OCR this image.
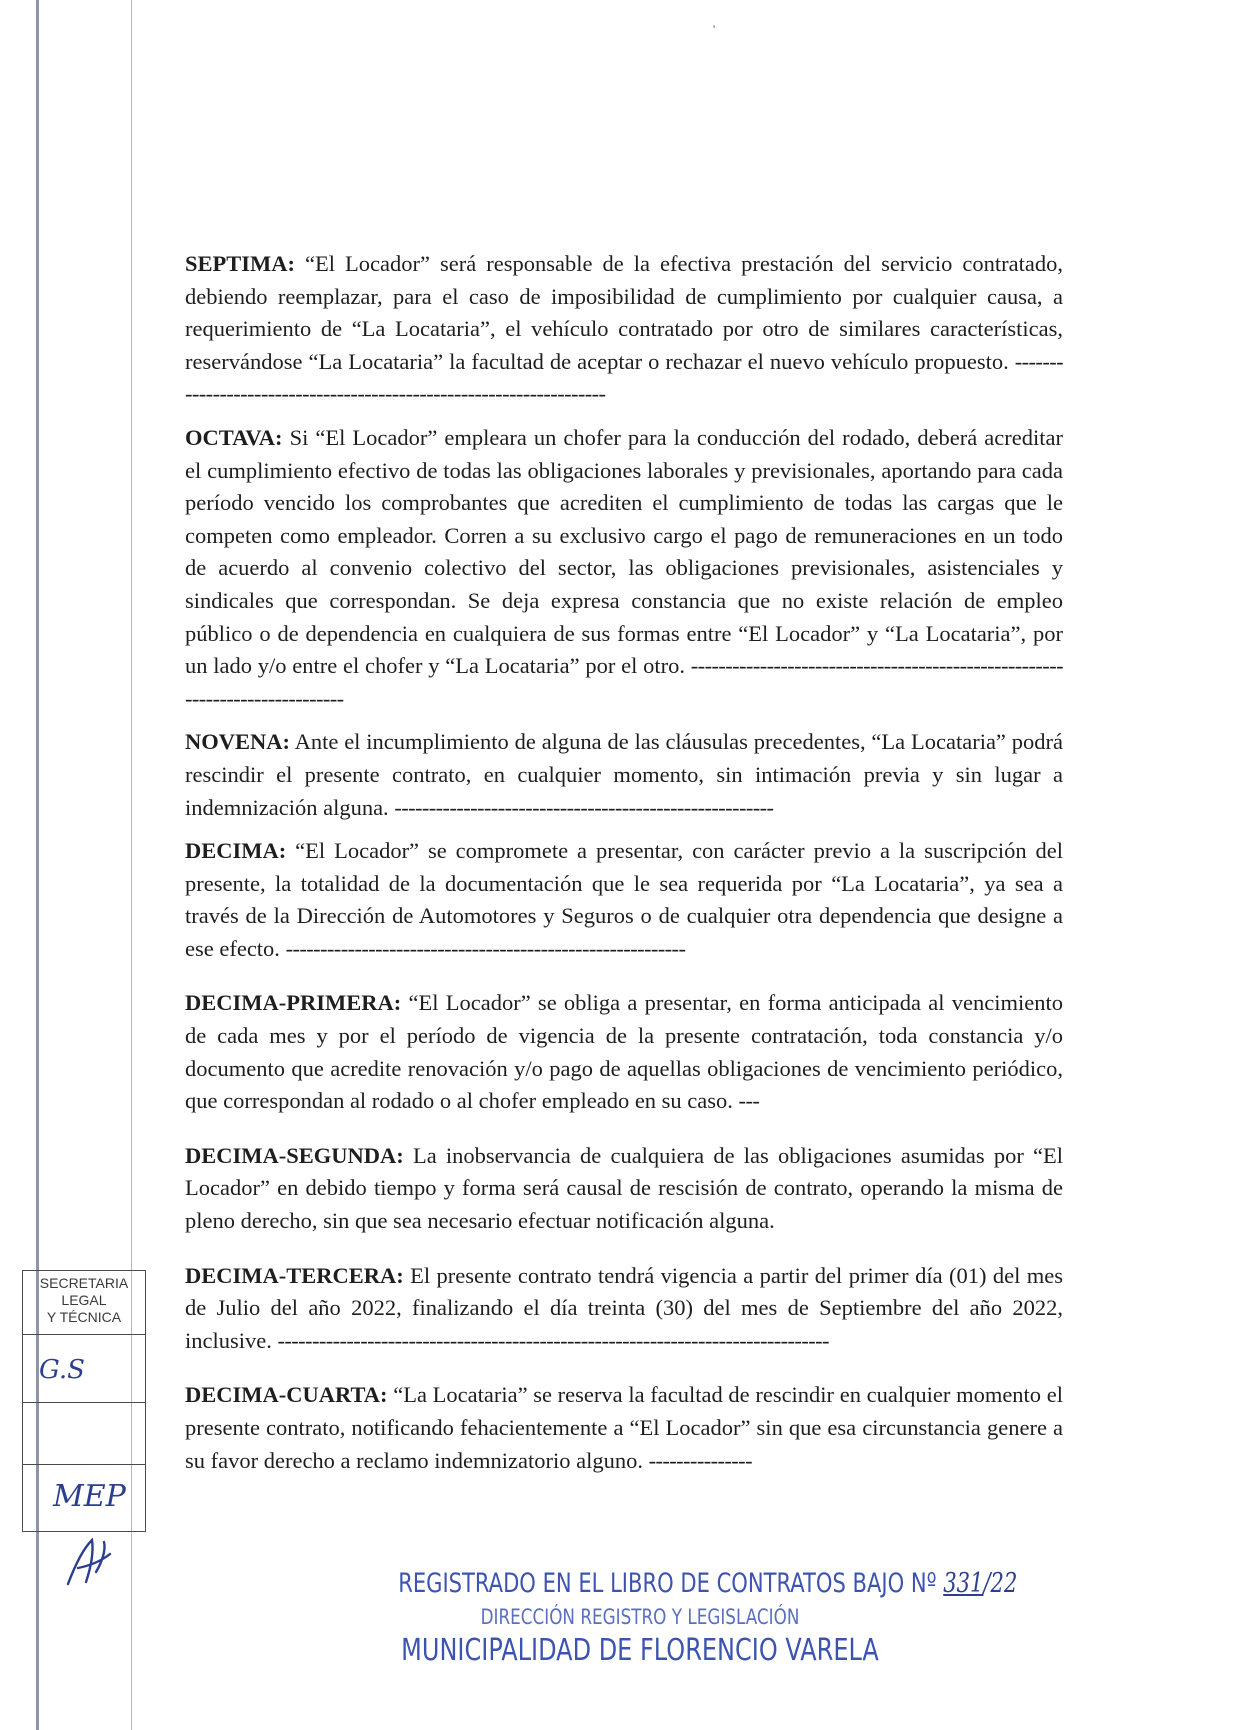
'

SEPTIMA: “El Locador” será responsable de la efectiva prestación del servicio contratado, debiendo reemplazar, para el caso de imposibilidad de cumplimiento por cualquier causa, a requerimiento de “La Locataria”, el vehículo contratado por otro de similares características, reservándose “La Locataria” la facultad de aceptar o rechazar el nuevo vehículo propuesto. --------------------------------------------------------------------

OCTAVA: Si “El Locador” empleara un chofer para la conducción del rodado, deberá acreditar el cumplimiento efectivo de todas las obligaciones laborales y previsionales, aportando para cada período vencido los comprobantes que acrediten el cumplimiento de todas las cargas que le competen como empleador. Corren a su exclusivo cargo el pago de remuneraciones en un todo de acuerdo al convenio colectivo del sector, las obligaciones previsionales, asistenciales y sindicales que correspondan. Se deja expresa constancia que no existe relación de empleo público o de dependencia en cualquiera de sus formas entre “El Locador” y “La Locataria”, por un lado y/o entre el chofer y “La Locataria” por el otro. -----------------------------------------------------------------------------

NOVENA: Ante el incumplimiento de alguna de las cláusulas precedentes, “La Locataria” podrá rescindir el presente contrato, en cualquier momento, sin intimación previa y sin lugar a indemnización alguna. -------------------------------------------------------

DECIMA: “El Locador” se compromete a presentar, con carácter previo a la suscripción del presente, la totalidad de la documentación que le sea requerida por “La Locataria”, ya sea a través de la Dirección de Automotores y Seguros o de cualquier otra dependencia que designe a ese efecto. ----------------------------------------------------------

DECIMA-PRIMERA: “El Locador” se obliga a presentar, en forma anticipada al vencimiento de cada mes y por el período de vigencia de la presente contratación, toda constancia y/o documento que acredite renovación y/o pago de aquellas obligaciones de vencimiento periódico, que correspondan al rodado o al chofer empleado en su caso. ---

DECIMA-SEGUNDA: La inobservancia de cualquiera de las obligaciones asumidas por “El Locador” en debido tiempo y forma será causal de rescisión de contrato, operando la misma de pleno derecho, sin que sea necesario efectuar notificación alguna.

DECIMA-TERCERA: El presente contrato tendrá vigencia a partir del primer día (01) del mes de Julio del año 2022, finalizando el día treinta (30) del mes de Septiembre del año 2022, inclusive. --------------------------------------------------------------------------------

DECIMA-CUARTA: “La Locataria” se reserva la facultad de rescindir en cualquier momento el presente contrato, notificando fehacientemente a “El Locador” sin que esa circunstancia genere a su favor derecho a reclamo indemnizatorio alguno. ---------------

SECRETARIA
LEGAL
Y TÉCNICA
G.S
MEP
REGISTRADO EN EL LIBRO DE CONTRATOS BAJO Nº 331/22
DIRECCIÓN REGISTRO Y LEGISLACIÓN
MUNICIPALIDAD DE FLORENCIO VARELA
